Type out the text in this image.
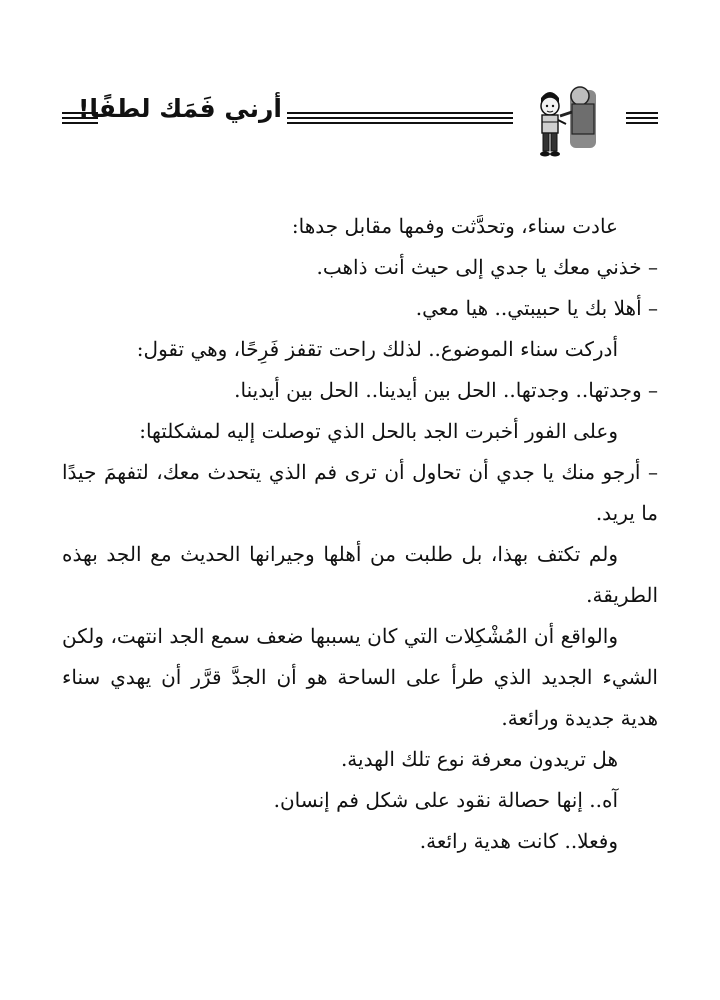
أرني فَمَك لطفًا!

عادت سناء، وتحدَّثت وفمها مقابل جدها:

– خذني معك يا جدي إلى حيث أنت ذاهب.

– أهلا بك يا حبيبتي.. هيا معي.

أدركت سناء الموضوع.. لذلك راحت تقفز فَرِحًا، وهي تقول:

– وجدتها.. وجدتها.. الحل بين أيدينا.. الحل بين أيدينا.

وعلى الفور أخبرت الجد بالحل الذي توصلت إليه لمشكلتها:

– أرجو منك يا جدي أن تحاول أن ترى فم الذي يتحدث معك، لتفهمَ جيدًا ما يريد.

ولم تكتف بهذا، بل طلبت من أهلها وجيرانها الحديث مع الجد بهذه الطريقة.

والواقع أن المُشْكِلات التي كان يسببها ضعف سمع الجد انتهت، ولكن الشيء الجديد الذي طرأ على الساحة هو أن الجدَّ قرَّر أن يهدي سناء هدية جديدة ورائعة.

هل تريدون معرفة نوع تلك الهدية.

آه.. إنها حصالة نقود على شكل فم إنسان.

وفعلا.. كانت هدية رائعة.
